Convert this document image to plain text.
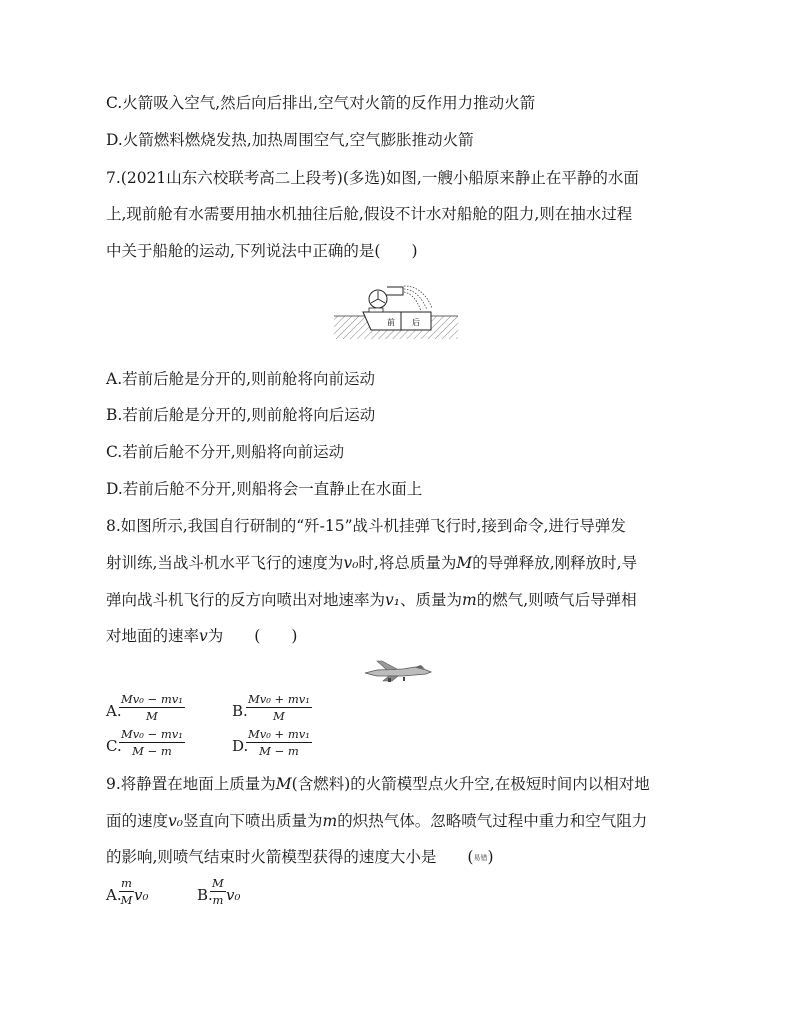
C.火箭吸入空气,然后向后排出,空气对火箭的反作用力推动火箭
D.火箭燃料燃烧发热,加热周围空气,空气膨胀推动火箭
7.(2021山东六校联考高二上段考)(多选)如图,一艘小船原来静止在平静的水面
上,现前舱有水需要用抽水机抽往后舱,假设不计水对船舱的阻力,则在抽水过程
中关于船舱的运动,下列说法中正确的是(　　)
前 后
A.若前后舱是分开的,则前舱将向前运动
B.若前后舱是分开的,则前舱将向后运动
C.若前后舱不分开,则船将向前运动
D.若前后舱不分开,则船将会一直静止在水面上
8.如图所示,我国自行研制的“歼-15”战斗机挂弹飞行时,接到命令,进行导弹发
射训练,当战斗机水平飞行的速度为v₀时,将总质量为M的导弹释放,刚释放时,导
弹向战斗机飞行的反方向喷出对地速率为v₁、质量为m的燃气,则喷气后导弹相
对地面的速率v为　　(　　)
A.
$\frac{\text{Mv₀ − mv₁}}{M}$	B.
$\frac{\text{Mv₀ + mv₁}}{M}$
C.
$\frac{\text{Mv₀ − mv₁}}{M - m}$	D.
$\frac{\text{Mv₀ + mv₁}}{M - m}$
9.将静置在地面上质量为M(含燃料)的火箭模型点火升空,在极短时间内以相对地
面的速度v₀竖直向下喷出质量为m的炽热气体。忽略喷气过程中重力和空气阻力
的影响,则喷气结束时火箭模型获得的速度大小是　　(易错)
A.
$\frac{m}{M} v_0$	B.
$\frac{M}{m} v_0$
